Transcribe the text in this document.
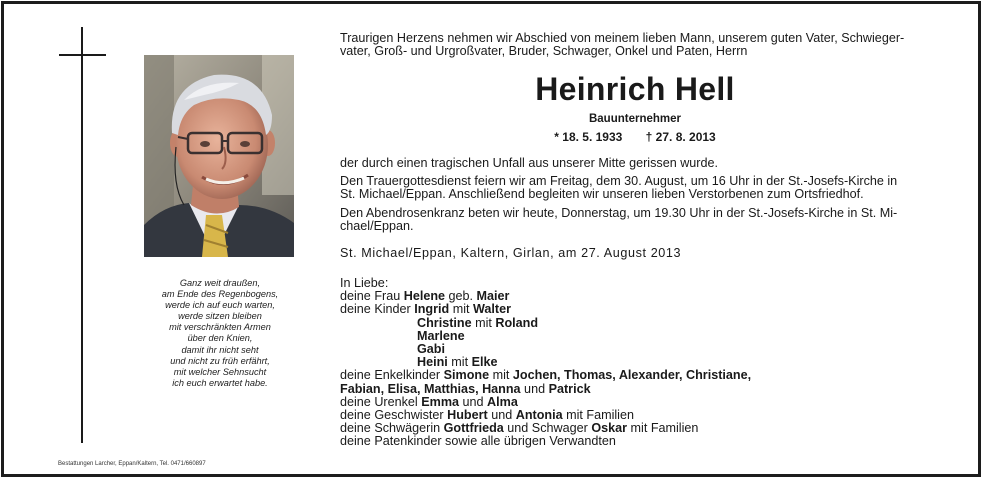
Ganz weit draußen,
am Ende des Regenbogens,
werde ich auf euch warten,
werde sitzen bleiben
mit verschränkten Armen
über den Knien,
damit ihr nicht seht
und nicht zu früh erfährt,
mit welcher Sehnsucht
ich euch erwartet habe.
Bestattungen Larcher, Eppan/Kaltern, Tel. 0471/660897
Traurigen Herzens nehmen wir Abschied von meinem lieben Mann, unserem guten Vater, Schwieger-
vater, Groß- und Urgroßvater, Bruder, Schwager, Onkel und Paten, Herrn
Heinrich Hell
Bauunternehmer
* 18. 5. 1933 † 27. 8. 2013
der durch einen tragischen Unfall aus unserer Mitte gerissen wurde.
Den Trauergottesdienst feiern wir am Freitag, dem 30. August, um 16 Uhr in der St.-Josefs-Kirche in
St. Michael/Eppan. Anschließend begleiten wir unseren lieben Verstorbenen zum Ortsfriedhof.
Den Abendrosenkranz beten wir heute, Donnerstag, um 19.30 Uhr in der St.-Josefs-Kirche in St. Mi-
chael/Eppan.
St. Michael/Eppan, Kaltern, Girlan, am 27. August 2013
In Liebe:
deine Frau Helene geb. Maier
deine Kinder Ingrid mit Walter
Christine mit Roland
Marlene
Gabi
Heini mit Elke
deine Enkelkinder Simone mit Jochen, Thomas, Alexander, Christiane,
Fabian, Elisa, Matthias, Hanna und Patrick
deine Urenkel Emma und Alma
deine Geschwister Hubert und Antonia mit Familien
deine Schwägerin Gottfrieda und Schwager Oskar mit Familien
deine Patenkinder sowie alle übrigen Verwandten
